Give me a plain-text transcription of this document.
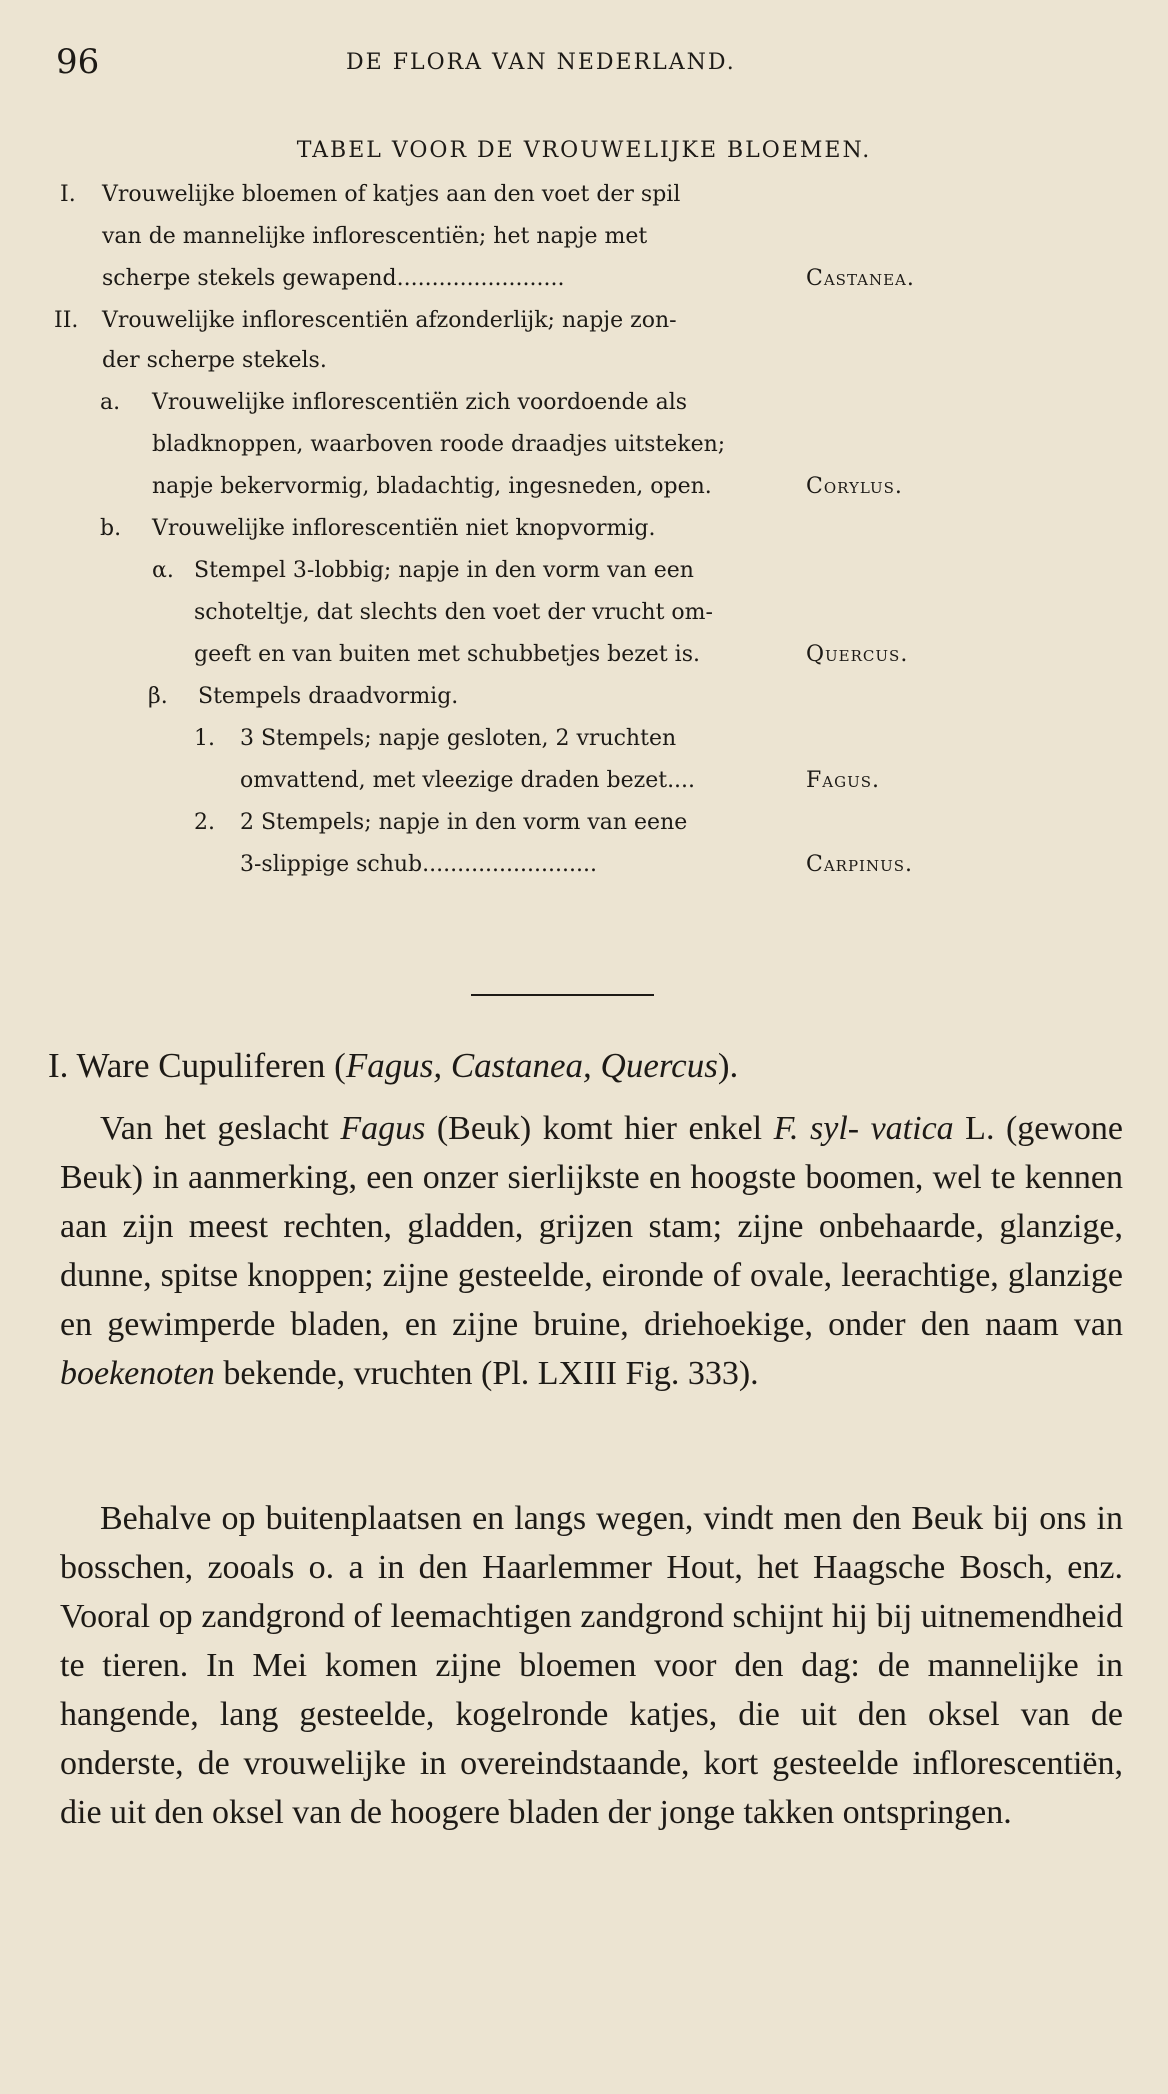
96	DE FLORA VAN NEDERLAND.
TABEL VOOR DE VROUWELIJKE BLOEMEN.
I. Vrouwelijke bloemen of katjes aan den voet der spil
van de mannelijke inflorescentiën; het napje met
scherpe stekels gewapend........................	Castanea.
II. Vrouwelijke inflorescentiën afzonderlijk; napje zon-
der scherpe stekels.
a. Vrouwelijke inflorescentiën zich voordoende als
bladknoppen, waarboven roode draadjes uitsteken;
napje bekervormig, bladachtig, ingesneden, open.	Corylus.
b. Vrouwelijke inflorescentiën niet knopvormig.
α. Stempel 3-lobbig; napje in den vorm van een
schoteltje, dat slechts den voet der vrucht om-
geeft en van buiten met schubbetjes bezet is.	Quercus.
β. Stempels draadvormig.
1. 3 Stempels; napje gesloten, 2 vruchten
omvattend, met vleezige draden bezet....	Fagus.
2. 2 Stempels; napje in den vorm van eene
3-slippige schub.........................	Carpinus.
I. Ware Cupuliferen (Fagus, Castanea, Quercus).
Van het geslacht Fagus (Beuk) komt hier enkel F. syl- vatica L. (gewone Beuk) in aanmerking, een onzer sierlijkste en hoogste boomen, wel te kennen aan zijn meest rechten, gladden, grijzen stam; zijne onbehaarde, glanzige, dunne, spitse knoppen; zijne gesteelde, eironde of ovale, leerachtige, glanzige en gewimperde bladen, en zijne bruine, driehoekige, onder den naam van boekenoten bekende, vruchten (Pl. LXIII Fig. 333).
Behalve op buitenplaatsen en langs wegen, vindt men den Beuk bij ons in bosschen, zooals o. a in den Haarlemmer Hout, het Haagsche Bosch, enz. Vooral op zandgrond of leemachtigen zandgrond schijnt hij bij uitnemendheid te tieren. In Mei komen zijne bloemen voor den dag: de mannelijke in hangende, lang gesteelde, kogelronde katjes, die uit den oksel van de onderste, de vrouwelijke in overeindstaande, kort gesteelde inflorescentiën, die uit den oksel van de hoogere bladen der jonge takken ontspringen.
